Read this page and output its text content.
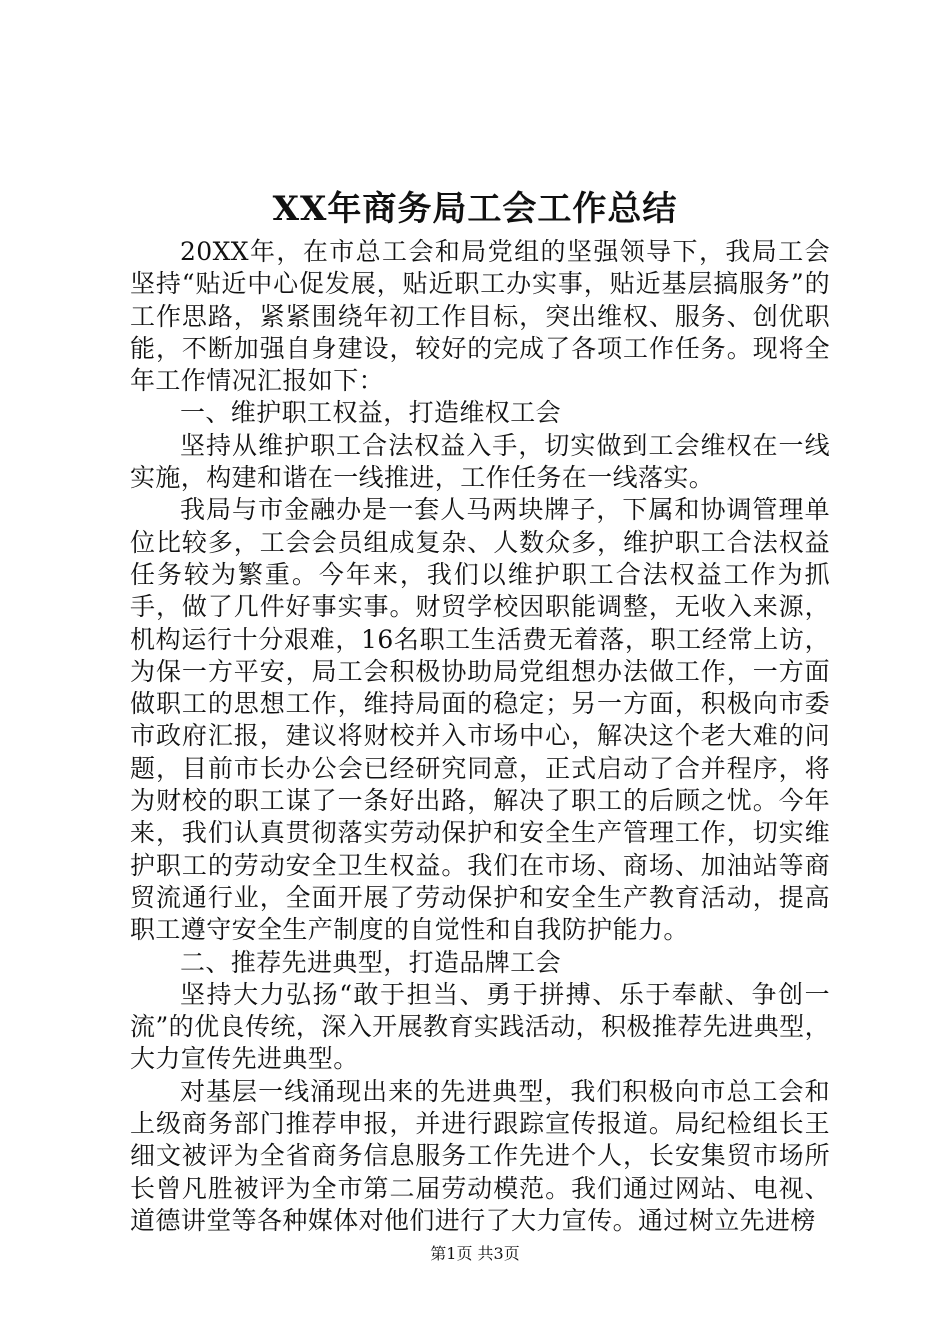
XX年商务局工会工作总结

20XX年，在市总工会和局党组的坚强领导下，我局工会坚持“贴近中心促发展，贴近职工办实事，贴近基层搞服务”的工作思路，紧紧围绕年初工作目标，突出维权、服务、创优职能，不断加强自身建设，较好的完成了各项工作任务。现将全年工作情况汇报如下：

一、维护职工权益，打造维权工会

坚持从维护职工合法权益入手，切实做到工会维权在一线实施，构建和谐在一线推进，工作任务在一线落实。

我局与市金融办是一套人马两块牌子，下属和协调管理单位比较多，工会会员组成复杂、人数众多，维护职工合法权益任务较为繁重。今年来，我们以维护职工合法权益工作为抓手，做了几件好事实事。财贸学校因职能调整，无收入来源，机构运行十分艰难，16名职工生活费无着落，职工经常上访，为保一方平安，局工会积极协助局党组想办法做工作，一方面做职工的思想工作，维持局面的稳定；另一方面，积极向市委市政府汇报，建议将财校并入市场中心，解决这个老大难的问题，目前市长办公会已经研究同意，正式启动了合并程序，将为财校的职工谋了一条好出路，解决了职工的后顾之忧。今年来，我们认真贯彻落实劳动保护和安全生产管理工作，切实维护职工的劳动安全卫生权益。我们在市场、商场、加油站等商贸流通行业，全面开展了劳动保护和安全生产教育活动，提高职工遵守安全生产制度的自觉性和自我防护能力。

二、推荐先进典型，打造品牌工会

坚持大力弘扬“敢于担当、勇于拼搏、乐于奉献、争创一流”的优良传统，深入开展教育实践活动，积极推荐先进典型，大力宣传先进典型。

对基层一线涌现出来的先进典型，我们积极向市总工会和上级商务部门推荐申报，并进行跟踪宣传报道。局纪检组长王细文被评为全省商务信息服务工作先进个人，长安集贸市场所长曾凡胜被评为全市第二届劳动模范。我们通过网站、电视、道德讲堂等各种媒体对他们进行了大力宣传。通过树立先进榜

第1页 共3页
